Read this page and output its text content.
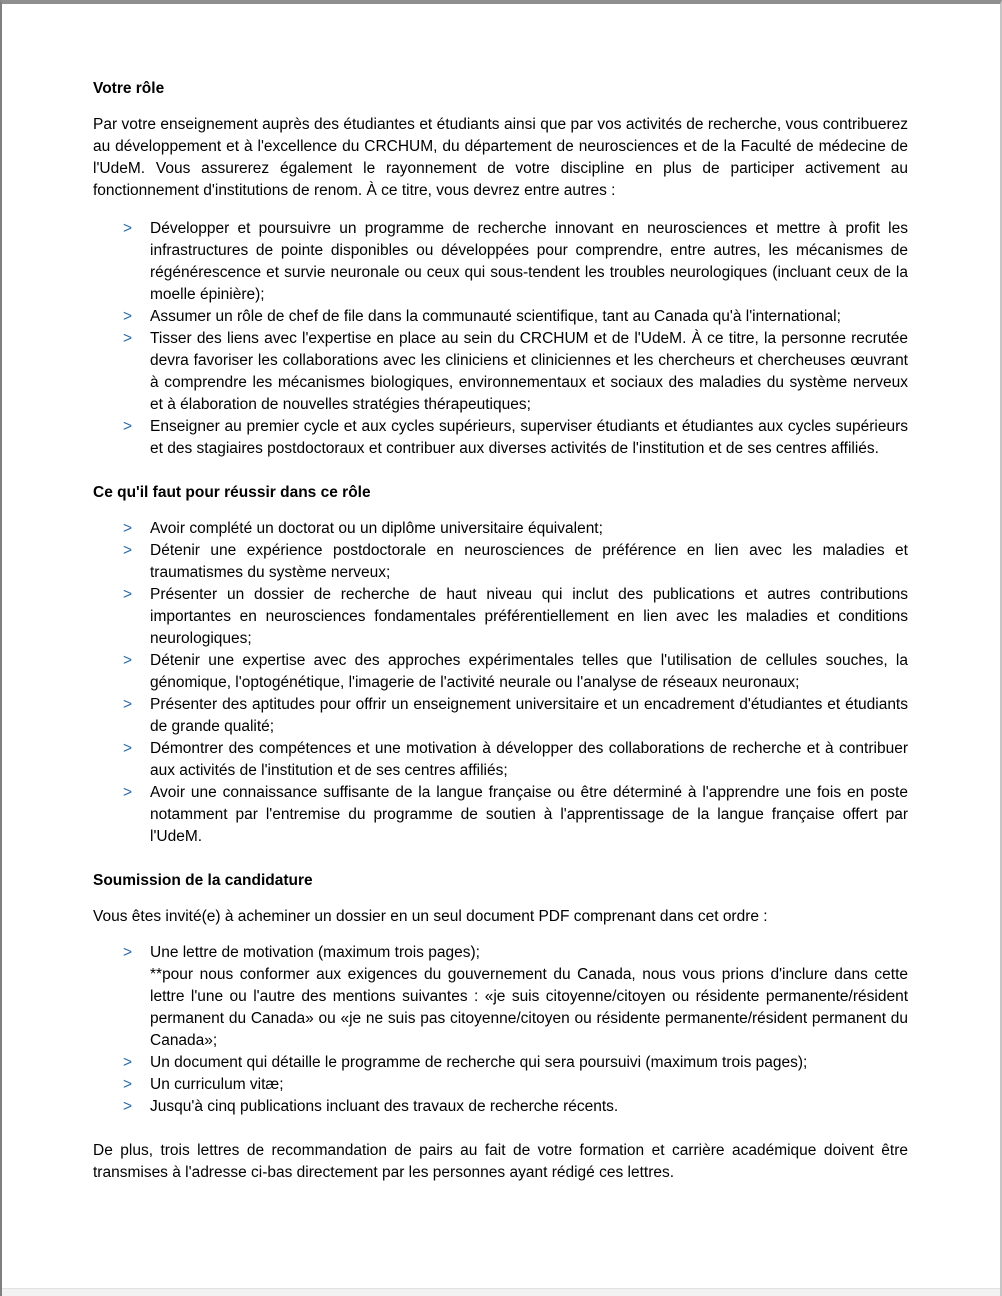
Votre rôle

Par votre enseignement auprès des étudiantes et étudiants ainsi que par vos activités de recherche, vous contribuerez au développement et à l'excellence du CRCHUM, du département de neurosciences et de la Faculté de médecine de l'UdeM. Vous assurerez également le rayonnement de votre discipline en plus de participer activement au fonctionnement d'institutions de renom. À ce titre, vous devrez entre autres :

> Développer et poursuivre un programme de recherche innovant en neurosciences et mettre à profit les infrastructures de pointe disponibles ou développées pour comprendre, entre autres, les mécanismes de régénérescence et survie neuronale ou ceux qui sous-tendent les troubles neurologiques (incluant ceux de la moelle épinière);
> Assumer un rôle de chef de file dans la communauté scientifique, tant au Canada qu'à l'international;
> Tisser des liens avec l'expertise en place au sein du CRCHUM et de l'UdeM. À ce titre, la personne recrutée devra favoriser les collaborations avec les cliniciens et cliniciennes et les chercheurs et chercheuses œuvrant à comprendre les mécanismes biologiques, environnementaux et sociaux des maladies du système nerveux et à élaboration de nouvelles stratégies thérapeutiques;
> Enseigner au premier cycle et aux cycles supérieurs, superviser étudiants et étudiantes aux cycles supérieurs et des stagiaires postdoctoraux et contribuer aux diverses activités de l'institution et de ses centres affiliés.
Ce qu'il faut pour réussir dans ce rôle
> Avoir complété un doctorat ou un diplôme universitaire équivalent;
> Détenir une expérience postdoctorale en neurosciences de préférence en lien avec les maladies et traumatismes du système nerveux;
> Présenter un dossier de recherche de haut niveau qui inclut des publications et autres contributions importantes en neurosciences fondamentales préférentiellement en lien avec les maladies et conditions neurologiques;
> Détenir une expertise avec des approches expérimentales telles que l'utilisation de cellules souches, la génomique, l'optogénétique, l'imagerie de l'activité neurale ou l'analyse de réseaux neuronaux;
> Présenter des aptitudes pour offrir un enseignement universitaire et un encadrement d'étudiantes et étudiants de grande qualité;
> Démontrer des compétences et une motivation à développer des collaborations de recherche et à contribuer aux activités de l'institution et de ses centres affiliés;
> Avoir une connaissance suffisante de la langue française ou être déterminé à l'apprendre une fois en poste notamment par l'entremise du programme de soutien à l'apprentissage de la langue française offert par l'UdeM.
Soumission de la candidature

Vous êtes invité(e) à acheminer un dossier en un seul document PDF comprenant dans cet ordre :

> Une lettre de motivation (maximum trois pages);
**pour nous conformer aux exigences du gouvernement du Canada, nous vous prions d'inclure dans cette lettre l'une ou l'autre des mentions suivantes : «je suis citoyenne/citoyen ou résidente permanente/résident permanent du Canada» ou «je ne suis pas citoyenne/citoyen ou résidente permanente/résident permanent du Canada»;
> Un document qui détaille le programme de recherche qui sera poursuivi (maximum trois pages);
> Un curriculum vitæ;
> Jusqu'à cinq publications incluant des travaux de recherche récents.

De plus, trois lettres de recommandation de pairs au fait de votre formation et carrière académique doivent être transmises à l'adresse ci-bas directement par les personnes ayant rédigé ces lettres.
